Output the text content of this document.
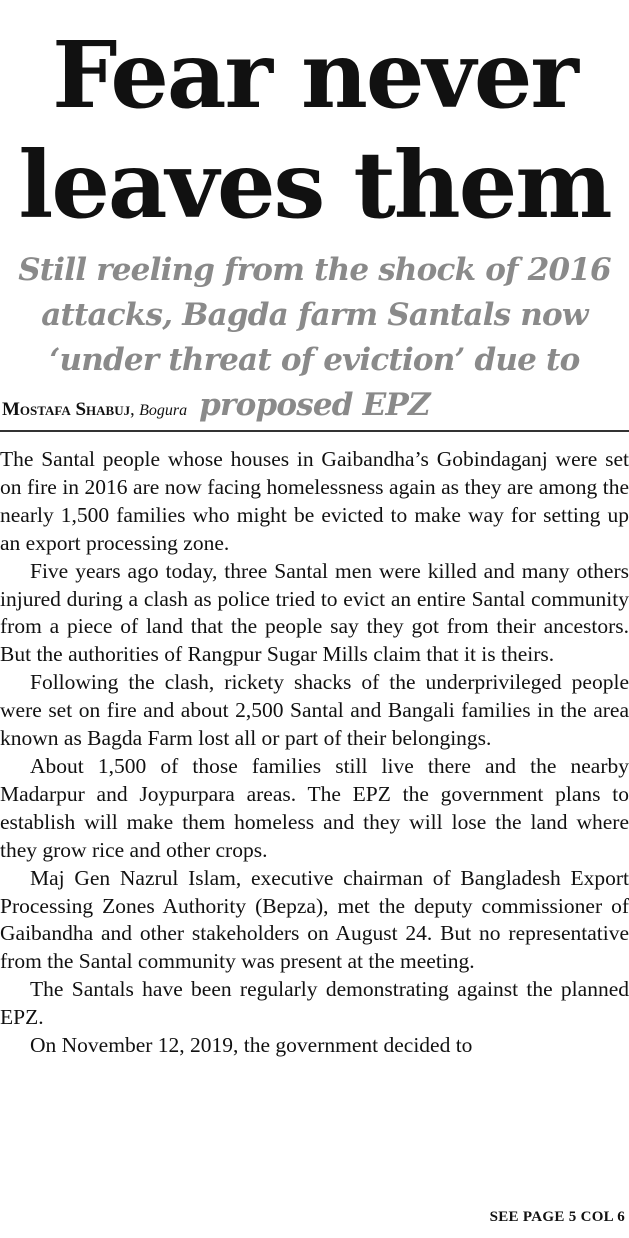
Fear never
leaves them
Still reeling from the shock of 2016 attacks, Bagda farm Santals now ‘under threat of eviction’ due to proposed EPZ
Mostafa Shabuj, Bogura

The Santal people whose houses in Gaibandha’s Gobindaganj were set on fire in 2016 are now facing homelessness again as they are among the nearly 1,500 families who might be evicted to make way for setting up an export processing zone.

Five years ago today, three Santal men were killed and many others injured during a clash as police tried to evict an entire Santal community from a piece of land that the people say they got from their ancestors. But the authorities of Rangpur Sugar Mills claim that it is theirs.

Following the clash, rickety shacks of the underprivileged people were set on fire and about 2,500 Santal and Bangali families in the area known as Bagda Farm lost all or part of their belongings.

About 1,500 of those families still live there and the nearby Madarpur and Joypurpara areas. The EPZ the government plans to establish will make them homeless and they will lose the land where they grow rice and other crops.

Maj Gen Nazrul Islam, executive chairman of Bangladesh Export Processing Zones Authority (Bepza), met the deputy commissioner of Gaibandha and other stakeholders on August 24. But no representative from the Santal community was present at the meeting.

The Santals have been regularly demonstrating against the planned EPZ.

On November 12, 2019, the government decided to

SEE PAGE 5 COL 6
